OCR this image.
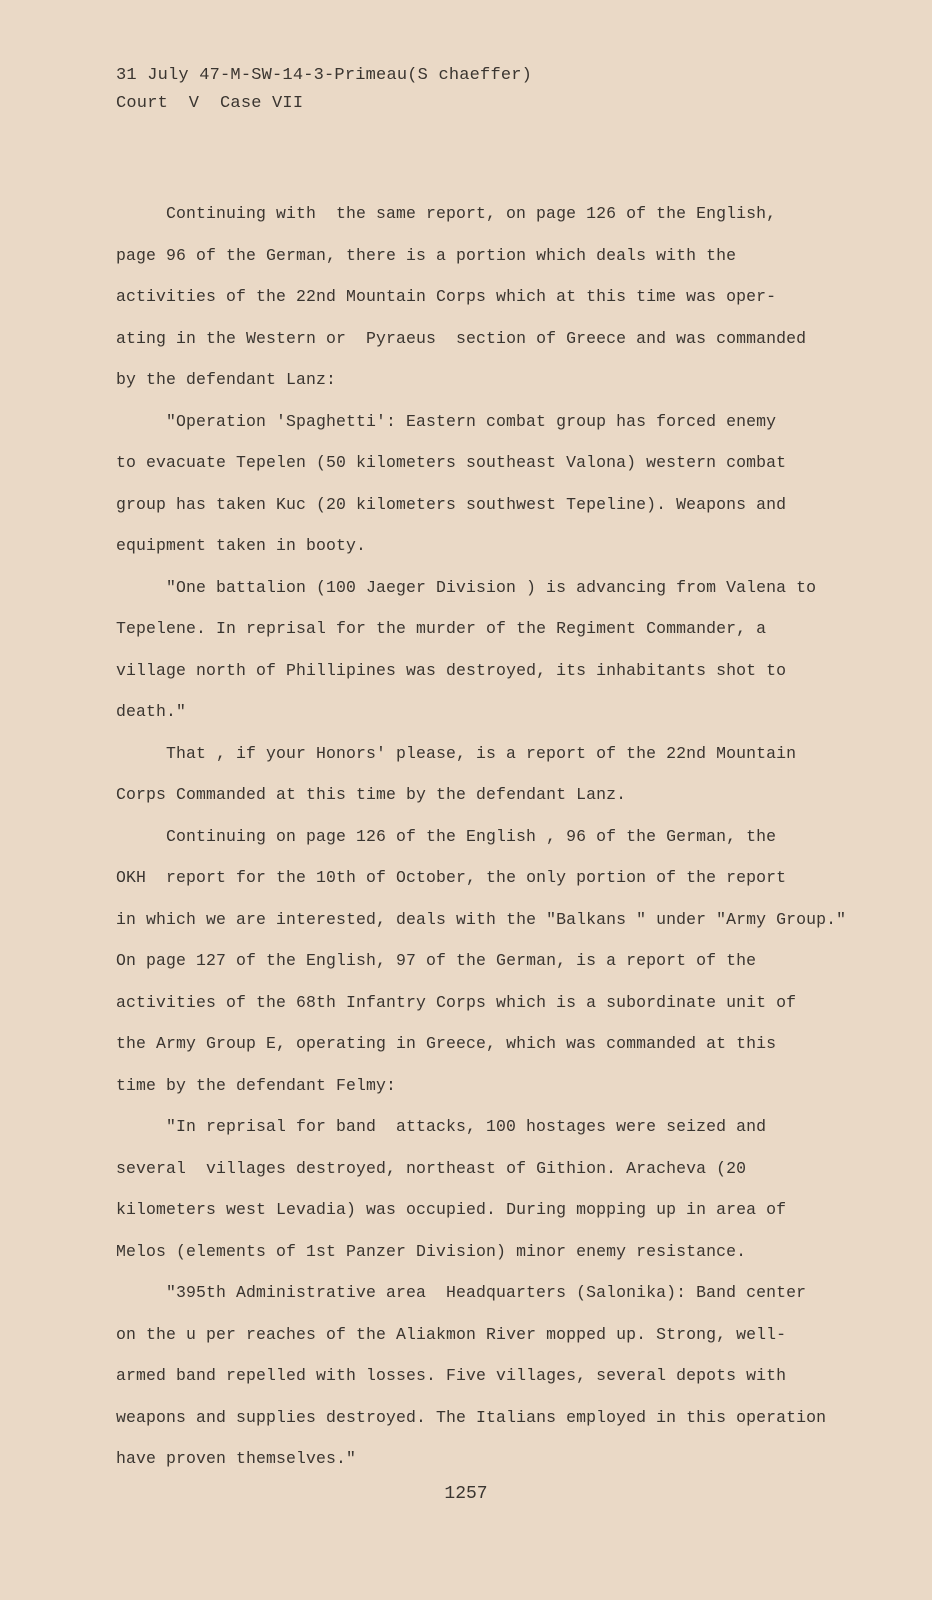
31 July 47-M-SW-14-3-Primeau(S chaeffer)
Court  V  Case VII
Continuing with  the same report, on page 126 of the English,
page 96 of the German, there is a portion which deals with the
activities of the 22nd Mountain Corps which at this time was oper-
ating in the Western or  Pyraeus  section of Greece and was commanded
by the defendant Lanz:
"Operation 'Spaghetti': Eastern combat group has forced enemy
to evacuate Tepelen (50 kilometers southeast Valona) western combat
group has taken Kuc (20 kilometers southwest Tepeline). Weapons and
equipment taken in booty.
"One battalion (100 Jaeger Division ) is advancing from Valena to
Tepelene. In reprisal for the murder of the Regiment Commander, a
village north of Phillipines was destroyed, its inhabitants shot to
death."
That , if your Honors' please, is a report of the 22nd Mountain
Corps Commanded at this time by the defendant Lanz.
Continuing on page 126 of the English , 96 of the German, the
OKH  report for the 10th of October, the only portion of the report
in which we are interested, deals with the "Balkans " under "Army Group."
On page 127 of the English, 97 of the German, is a report of the
activities of the 68th Infantry Corps which is a subordinate unit of
the Army Group E, operating in Greece, which was commanded at this
time by the defendant Felmy:
"In reprisal for band  attacks, 100 hostages were seized and
several  villages destroyed, northeast of Githion. Aracheva (20
kilometers west Levadia) was occupied. During mopping up in area of
Melos (elements of 1st Panzer Division) minor enemy resistance.
"395th Administrative area  Headquarters (Salonika): Band center
on the u per reaches of the Aliakmon River mopped up. Strong, well-
armed band repelled with losses. Five villages, several depots with
weapons and supplies destroyed. The Italians employed in this operation
have proven themselves."
1257
